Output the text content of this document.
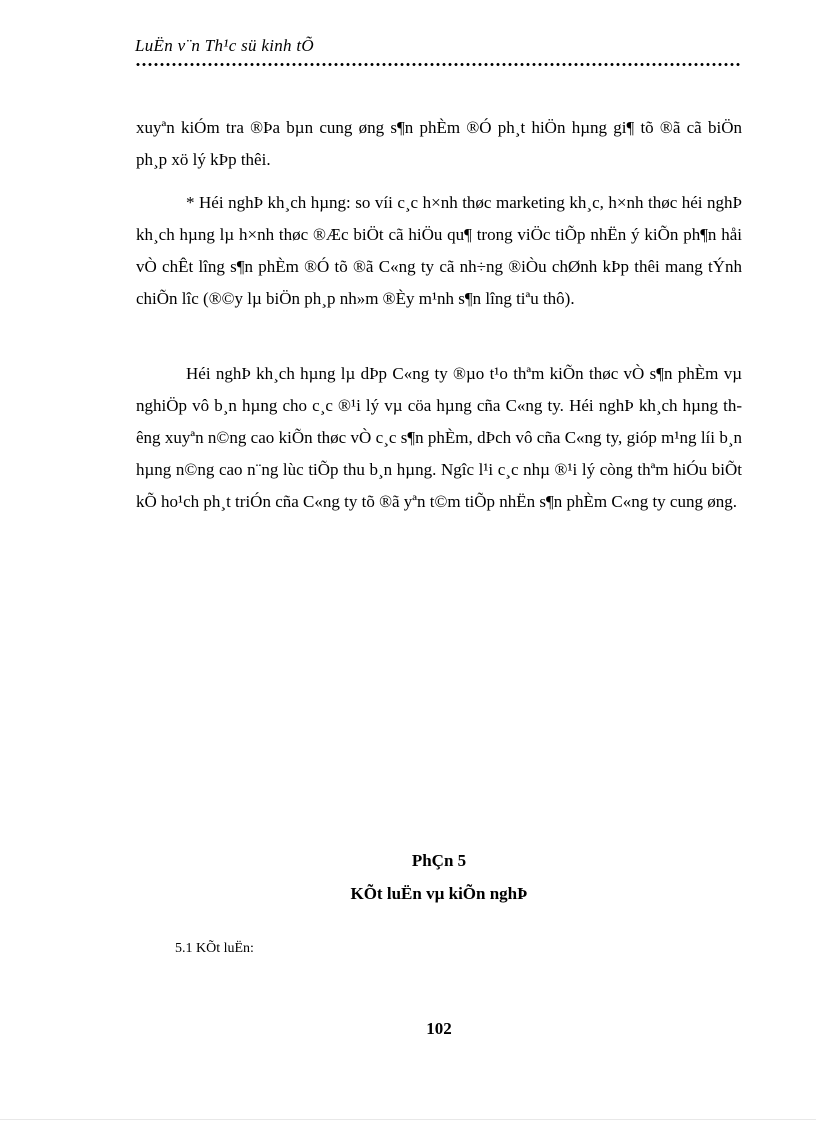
LuËn v¨n Th¹c sü kinh tÕ

xuyªn kiÓm tra ®Þa bµn cung øng s¶n phÈm ®Ó ph¸t hiÖn hµng gi¶ tõ ®ã cã biÖn ph¸p xö lý kÞp thêi.

* Héi nghÞ kh¸ch hµng: so víi c¸c h×nh thøc marketing kh¸c, h×nh thøc héi nghÞ kh¸ch hµng lµ h×nh thøc ®Æc biÖt cã hiÖu qu¶ trong viÖc tiÕp nhËn ý kiÕn ph¶n håi vÒ chÊt lîng s¶n phÈm ®Ó tõ ®ã C«ng ty cã nh÷ng ®iÒu chØnh kÞp thêi mang tÝnh chiÕn lîc (®©y lµ biÖn ph¸p nh»m ®Èy m¹nh s¶n lîng tiªu thô).

Héi nghÞ kh¸ch hµng lµ dÞp C«ng ty ®µo t¹o thªm kiÕn thøc vÒ s¶n phÈm vµ nghiÖp vô b¸n hµng cho c¸c ®¹i lý vµ cöa hµng cña C«ng ty. Héi nghÞ kh¸ch hµng thêng xuyªn n©ng cao kiÕn thøc vÒ c¸c s¶n phÈm, dÞch vô cña C«ng ty, gióp m¹ng líi b¸n hµng n©ng cao n¨ng lùc tiÕp thu b¸n hµng. Ngîc l¹i c¸c nhµ ®¹i lý còng thªm hiÓu biÕt kÕ ho¹ch ph¸t triÓn cña C«ng ty tõ ®ã yªn t©m tiÕp nhËn s¶n phÈm C«ng ty cung øng.

PhÇn 5
KÕt luËn vµ kiÕn nghÞ
5.1 KÕt luËn:
102
